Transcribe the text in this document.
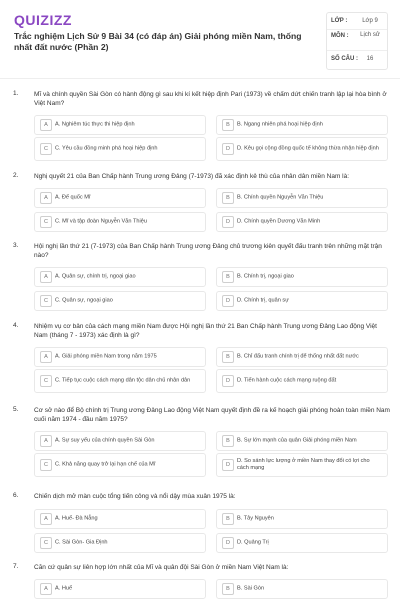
QUIZIZZ
Trắc nghiệm Lịch Sử 9 Bài 34 (có đáp án) Giải phóng miền Nam, thống nhất đất nước (Phần 2)
LỚP :	Lớp 9
MÔN :	Lịch sử
SỐ CÂU :	16
1. Mĩ và chính quyền Sài Gòn có hành động gì sau khi kí kết hiệp định Pari (1973) về chấm dứt chiến tranh lập lại hòa bình ở Việt Nam?
A	A. Nghiêm túc thực thi hiệp định	B	B. Ngang nhiên phá hoại hiệp định
C	C. Yêu cầu đồng minh phá hoại hiệp định	D	D. Kêu gọi cộng đồng quốc tế không thừa nhận hiệp định
2. Nghị quyết 21 của Ban Chấp hành Trung ương Đảng (7-1973) đã xác định kẻ thù của nhân dân miền Nam là:
A	A. Đế quốc Mĩ	B	B. Chính quyền Nguyễn Văn Thiệu
C	C. Mĩ và tập đoàn Nguyễn Văn Thiệu	D	D. Chính quyền Dương Văn Minh
3. Hội nghị lần thứ 21 (7-1973) của Ban Chấp hành Trung ương Đảng chủ trương kiên quyết đấu tranh trên những mặt trận nào?
A	A. Quân sự, chính trị, ngoại giao	B	B. Chính trị, ngoại giao
C	C. Quân sự, ngoại giao	D	D. Chính trị, quân sự
4. Nhiệm vụ cơ bản của cách mạng miền Nam được Hội nghị lần thứ 21 Ban Chấp hành Trung ương Đảng Lao động Việt Nam (tháng 7 - 1973) xác định là gì?
A	A. Giải phóng miền Nam trong năm 1975	B	B. Chỉ đấu tranh chính trị để thống nhất đất nước
C	C. Tiếp tục cuộc cách mạng dân tộc dân chủ nhân dân	D	D. Tiến hành cuộc cách mạng ruộng đất
5. Cơ sở nào để Bộ chính trị Trung ương Đảng Lao động Việt Nam quyết định đề ra kế hoạch giải phóng hoàn toàn miền Nam cuối năm 1974 - đầu năm 1975?
A	A. Sự suy yếu của chính quyền Sài Gòn	B	B. Sự lớn mạnh của quân Giải phóng miền Nam
C	C. Khả năng quay trở lại hạn chế của Mĩ	D
D. So sánh lực lượng ở miền Nam thay đổi có lợi cho cách mạng
6. Chiến dịch mở màn cuộc tổng tiến công và nổi dậy mùa xuân 1975 là:
A	A. Huế- Đà Nẵng	B	B. Tây Nguyên
C	C. Sài Gòn- Gia Định	D	D. Quảng Trị
7. Căn cứ quân sự liên hợp lớn nhất của Mĩ và quân đội Sài Gòn ở miền Nam Việt Nam là:
A	A. Huế	B	B. Sài Gòn
